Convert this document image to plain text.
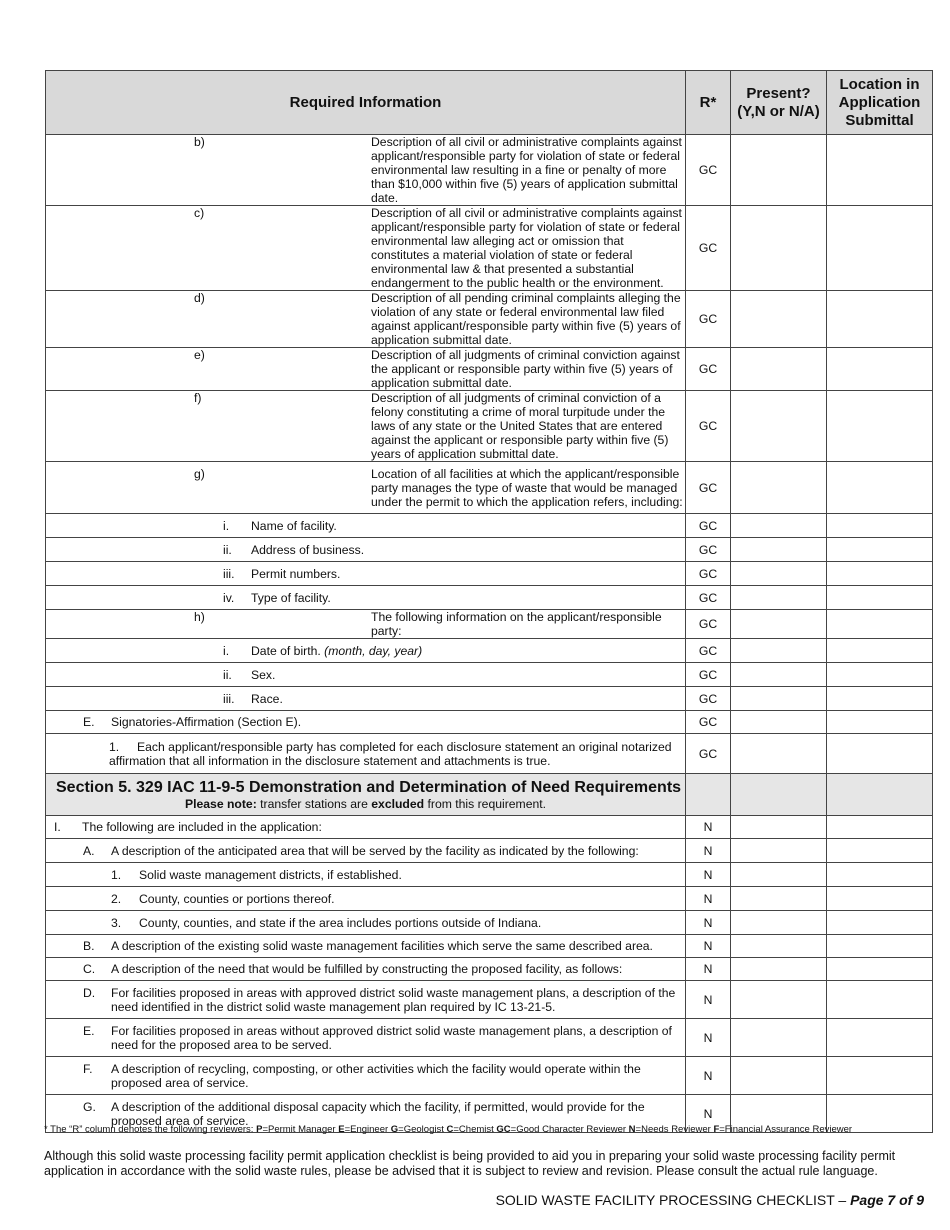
Required Information	R*	Present? (Y,N or N/A)	Location in Application Submittal

b) Description of all civil or administrative complaints against applicant/responsible party for violation of state or federal environmental law resulting in a fine or penalty of more than $10,000 within five (5) years of application submittal date.	GC		

c) Description of all civil or administrative complaints against applicant/responsible party for violation of state or federal environmental law alleging act or omission that constitutes a material violation of state or federal environmental law & that presented a substantial endangerment to the public health or the environment.	GC		

d) Description of all pending criminal complaints alleging the violation of any state or federal environmental law filed against applicant/responsible party within five (5) years of application submittal date.	GC		

e) Description of all judgments of criminal conviction against the applicant or responsible party within five (5) years of application submittal date.	GC		

f) Description of all judgments of criminal conviction of a felony constituting a crime of moral turpitude under the laws of any state or the United States that are entered against the applicant or responsible party within five (5) years of application submittal date.	GC		

g) Location of all facilities at which the applicant/responsible party manages the type of waste that would be managed under the permit to which the application refers, including:	GC		

i. Name of facility.	GC		

ii. Address of business.	GC		

iii. Permit numbers.	GC		

iv. Type of facility.	GC		

h) The following information on the applicant/responsible party:	GC		

i. Date of birth. (month, day, year)	GC		

ii. Sex.	GC		

iii. Race.	GC		

E. Signatories-Affirmation (Section E).	GC		

1. Each applicant/responsible party has completed for each disclosure statement an original notarized affirmation that all information in the disclosure statement and attachments is true.	GC		

Section 5. 329 IAC 11-9-5 Demonstration and Determination of Need Requirements
Please note: transfer stations are excluded from this requirement.			

I. The following are included in the application:	N		

A. A description of the anticipated area that will be served by the facility as indicated by the following:	N		

1. Solid waste management districts, if established.	N		

2. County, counties or portions thereof.	N		

3. County, counties, and state if the area includes portions outside of Indiana.	N		

B. A description of the existing solid waste management facilities which serve the same described area.	N		

C. A description of the need that would be fulfilled by constructing the proposed facility, as follows:	N		

D. For facilities proposed in areas with approved district solid waste management plans, a description of the need identified in the district solid waste management plan required by IC 13-21-5.	N		

E. For facilities proposed in areas without approved district solid waste management plans, a description of need for the proposed area to be served.	N		

F. A description of recycling, composting, or other activities which the facility would operate within the proposed area of service.	N		

G. A description of the additional disposal capacity which the facility, if permitted, would provide for the proposed area of service.	N		
* The “R” column denotes the following reviewers: P=Permit Manager E=Engineer G=Geologist C=Chemist GC=Good Character Reviewer N=Needs Reviewer F=Financial Assurance Reviewer
Although this solid waste processing facility permit application checklist is being provided to aid you in preparing your solid waste processing facility permit application in accordance with the solid waste rules, please be advised that it is subject to review and revision. Please consult the actual rule language.
SOLID WASTE FACILITY PROCESSING CHECKLIST – Page 7 of 9
